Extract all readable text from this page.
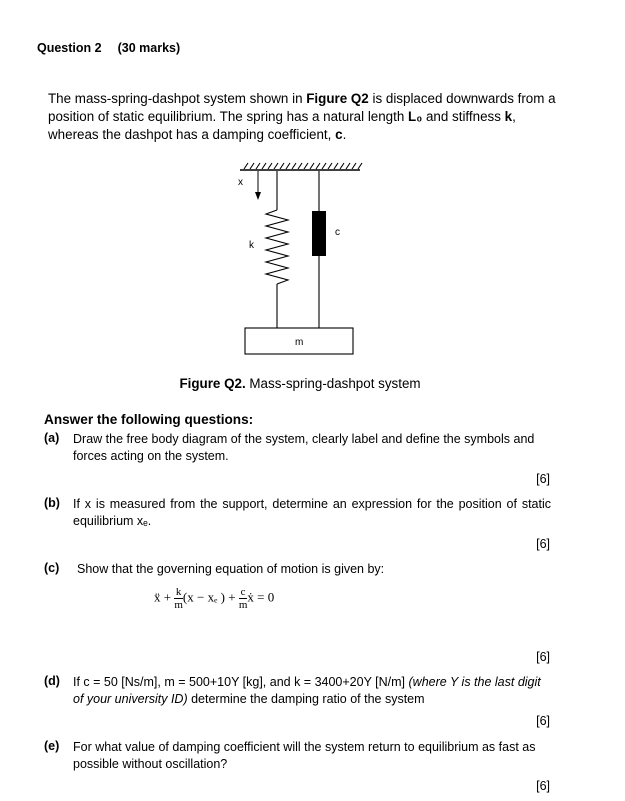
Question 2 (30 marks)
The mass-spring-dashpot system shown in Figure Q2 is displaced downwards from a position of static equilibrium. The spring has a natural length L₀ and stiffness k, whereas the dashpot has a damping coefficient, c.
x
k
c
m
Figure Q2. Mass-spring-dashpot system
Answer the following questions:
(a) Draw the free body diagram of the system, clearly label and define the symbols and forces acting on the system.
[6]
(b) If x is measured from the support, determine an expression for the position of static equilibrium xₑ.
[6]
(c) Show that the governing equation of motion is given by:
ẍ + $\frac{k}{m} (x - x_e$ ) + $\frac{c}{m}$ ẋ = 0
[6]
(d) If c = 50 [Ns/m], m = 500+10Y [kg], and k = 3400+20Y [N/m] (where Y is the last digit of your university ID) determine the damping ratio of the system
[6]
(e) For what value of damping coefficient will the system return to equilibrium as fast as possible without oscillation?
[6]
